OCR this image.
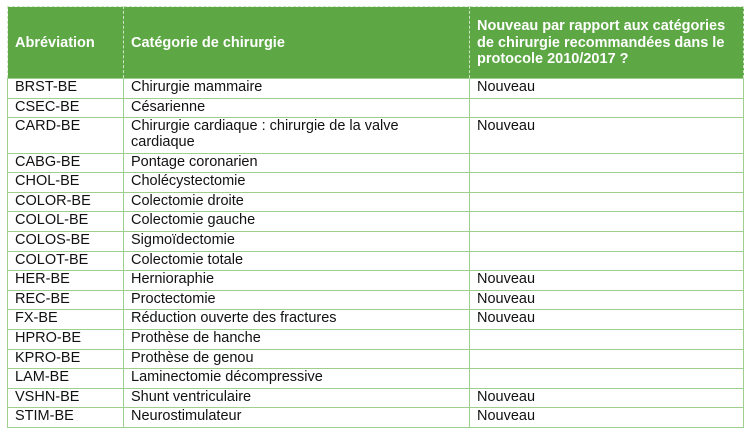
Abréviation	Catégorie de chirurgie	Nouveau par rapport aux catégories de chirurgie recommandées dans le protocole 2010/2017 ?
BRST-BE	Chirurgie mammaire	Nouveau
CSEC-BE	Césarienne	
CARD-BE	Chirurgie cardiaque : chirurgie de la valve cardiaque	Nouveau
CABG-BE	Pontage coronarien	
CHOL-BE	Cholécystectomie	
COLOR-BE	Colectomie droite	
COLOL-BE	Colectomie gauche	
COLOS-BE	Sigmoïdectomie	
COLOT-BE	Colectomie totale	
HER-BE	Hernioraphie	Nouveau
REC-BE	Proctectomie	Nouveau
FX-BE	Réduction ouverte des fractures	Nouveau
HPRO-BE	Prothèse de hanche	
KPRO-BE	Prothèse de genou	
LAM-BE	Laminectomie décompressive	
VSHN-BE	Shunt ventriculaire	Nouveau
STIM-BE	Neurostimulateur	Nouveau
